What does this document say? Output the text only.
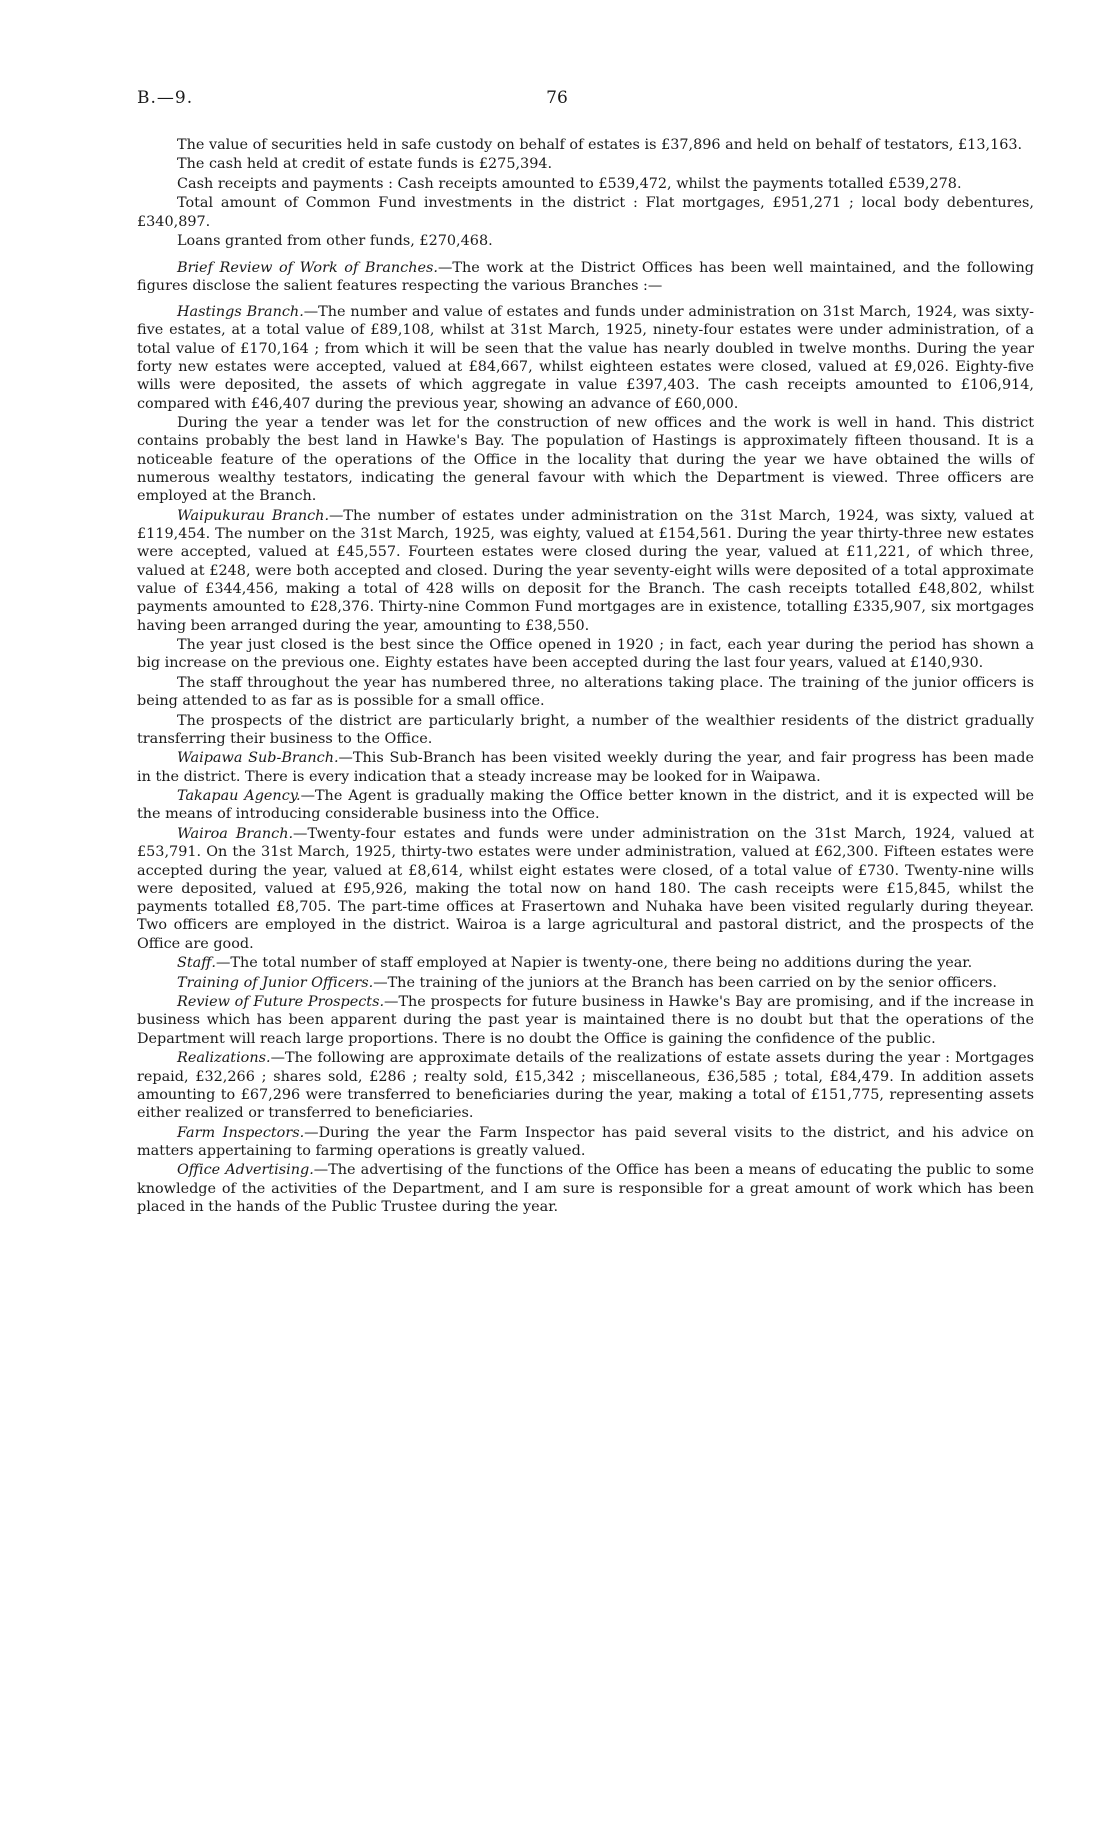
B.—9.	76

The value of securities held in safe custody on behalf of estates is £37,896 and held on behalf of testators, £13,163.

The cash held at credit of estate funds is £275,394.

Cash receipts and payments : Cash receipts amounted to £539,472, whilst the payments totalled £539,278.

Total amount of Common Fund investments in the district : Flat mortgages, £951,271 ; local body debentures, £340,897.

Loans granted from other funds, £270,468.

Brief Review of Work of Branches.—The work at the District Offices has been well maintained, and the following figures disclose the salient features respecting the various Branches :—

Hastings Branch.—The number and value of estates and funds under administration on 31st March, 1924, was sixty-five estates, at a total value of £89,108, whilst at 31st March, 1925, ninety-four estates were under administration, of a total value of £170,164 ; from which it will be seen that the value has nearly doubled in twelve months. During the year forty new estates were accepted, valued at £84,667, whilst eighteen estates were closed, valued at £9,026. Eighty-five wills were deposited, the assets of which aggregate in value £397,403. The cash receipts amounted to £106,914, compared with £46,407 during the previous year, showing an advance of £60,000.

During the year a tender was let for the construction of new offices and the work is well in hand. This district contains probably the best land in Hawke's Bay. The population of Hastings is approximately fifteen thousand. It is a noticeable feature of the operations of the Office in the locality that during the year we have obtained the wills of numerous wealthy testators, indicating the general favour with which the Department is viewed. Three officers are employed at the Branch.

Waipukurau Branch.—The number of estates under administration on the 31st March, 1924, was sixty, valued at £119,454. The number on the 31st March, 1925, was eighty, valued at £154,561. During the year thirty-three new estates were accepted, valued at £45,557. Fourteen estates were closed during the year, valued at £11,221, of which three, valued at £248, were both accepted and closed. During the year seventy-eight wills were deposited of a total approximate value of £344,456, making a total of 428 wills on deposit for the Branch. The cash receipts totalled £48,802, whilst payments amounted to £28,376. Thirty-nine Common Fund mortgages are in existence, totalling £335,907, six mortgages having been arranged during the year, amounting to £38,550.

The year just closed is the best since the Office opened in 1920 ; in fact, each year during the period has shown a big increase on the previous one. Eighty estates have been accepted during the last four years, valued at £140,930.

The staff throughout the year has numbered three, no alterations taking place. The training of the junior officers is being attended to as far as is possible for a small office.

The prospects of the district are particularly bright, a number of the wealthier residents of the district gradually transferring their business to the Office.

Waipawa Sub-Branch.—This Sub-Branch has been visited weekly during the year, and fair progress has been made in the district. There is every indication that a steady increase may be looked for in Waipawa.

Takapau Agency.—The Agent is gradually making the Office better known in the district, and it is expected will be the means of introducing considerable business into the Office.

Wairoa Branch.—Twenty-four estates and funds were under administration on the 31st March, 1924, valued at £53,791. On the 31st March, 1925, thirty-two estates were under administration, valued at £62,300. Fifteen estates were accepted during the year, valued at £8,614, whilst eight estates were closed, of a total value of £730. Twenty-nine wills were deposited, valued at £95,926, making the total now on hand 180. The cash receipts were £15,845, whilst the payments totalled £8,705. The part-time offices at Frasertown and Nuhaka have been visited regularly during theyear. Two officers are employed in the district. Wairoa is a large agricultural and pastoral district, and the prospects of the Office are good.

Staff.—The total number of staff employed at Napier is twenty-one, there being no additions during the year.

Training of Junior Officers.—The training of the juniors at the Branch has been carried on by the senior officers.

Review of Future Prospects.—The prospects for future business in Hawke's Bay are promising, and if the increase in business which has been apparent during the past year is maintained there is no doubt but that the operations of the Department will reach large proportions. There is no doubt the Office is gaining the confidence of the public.

Realizations.—The following are approximate details of the realizations of estate assets during the year : Mortgages repaid, £32,266 ; shares sold, £286 ; realty sold, £15,342 ; miscellaneous, £36,585 ; total, £84,479. In addition assets amounting to £67,296 were transferred to beneficiaries during the year, making a total of £151,775, representing assets either realized or transferred to beneficiaries.

Farm Inspectors.—During the year the Farm Inspector has paid several visits to the district, and his advice on matters appertaining to farming operations is greatly valued.

Office Advertising.—The advertising of the functions of the Office has been a means of educating the public to some knowledge of the activities of the Department, and I am sure is responsible for a great amount of work which has been placed in the hands of the Public Trustee during the year.
